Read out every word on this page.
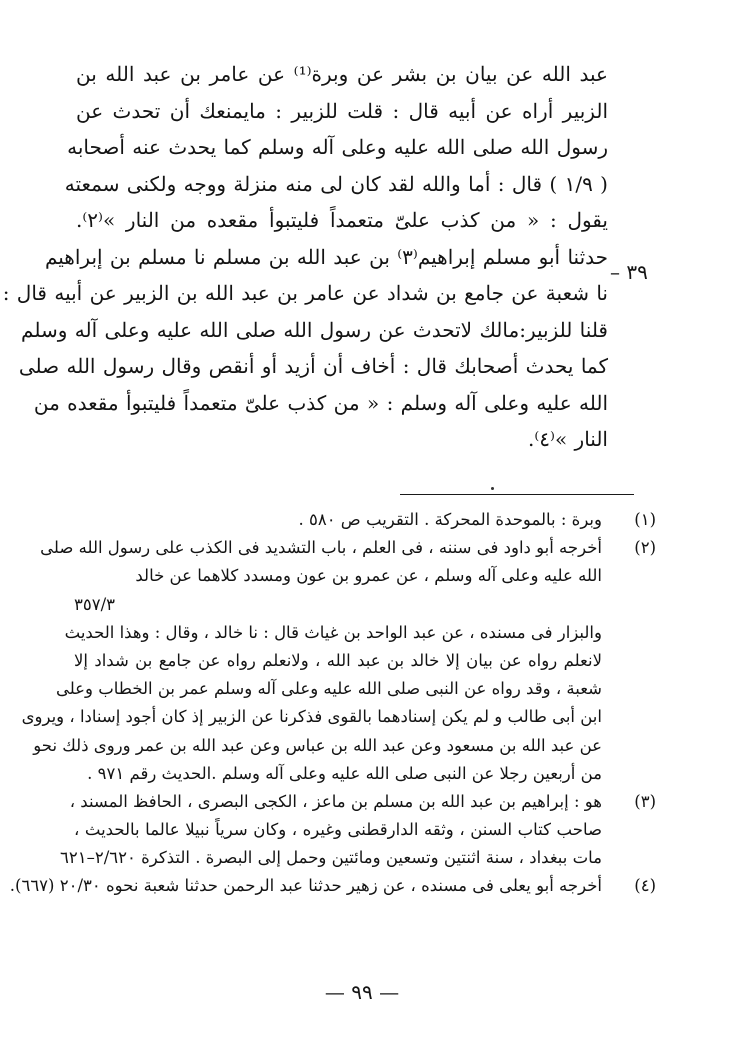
عبد الله عن بيان بن بشر عن وبرة⁽¹⁾ عن عامر بن عبد الله بن
الزبير أراه عن أبيه قال : قلت للزبير : مايمنعك أن تحدث عن
رسول الله صلى الله عليه وعلى آله وسلم كما يحدث عنه أصحابه
( ١/٩ ) قال : أما والله لقد كان لى منه منزلة ووجه ولكنى سمعته
يقول : « من كذب علىّ متعمداً فليتبوأ مقعده من النار »⁽٢⁾.
حدثنا أبو مسلم إبراهيم⁽٣⁾ بن عبد الله بن مسلم نا مسلم بن إبراهيم
نا شعبة عن جامع بن شداد عن عامر بن عبد الله بن الزبير عن أبيه قال :
قلنا للزبير:مالك لاتحدث عن رسول الله صلى الله عليه وعلى آله وسلم
كما يحدث أصحابك قال : أخاف أن أزيد أو أنقص وقال رسول الله صلى
الله عليه وعلى آله وسلم : « من كذب علىّ متعمداً فليتبوأ مقعده من
النار »⁽٤⁾.
٣٩ –
(١)
وبرة : بالموحدة المحركة . التقريب ص ٥٨٠ .
(٢)
أخرجه أبو داود فى سننه ، فى العلم ، باب التشديد فى الكذب على رسول الله صلى
الله عليه وعلى آله وسلم ، عن عمرو بن عون ومسدد كلاهما عن خالد
٣٥٧/٣
والبزار فى مسنده ، عن عبد الواحد بن غياث قال : نا خالد ، وقال : وهذا الحديث
لانعلم رواه عن بيان إلا خالد بن عبد الله ، ولانعلم رواه عن جامع بن شداد إلا
شعبة ، وقد رواه عن النبى صلى الله عليه وعلى آله وسلم عمر بن الخطاب وعلى
ابن أبى طالب و لم يكن إسنادهما بالقوى فذكرنا عن الزبير إذ كان أجود إسنادا ، ويروى
عن عبد الله بن مسعود وعن عبد الله بن عباس وعن عبد الله بن عمر وروى ذلك نحو
من أربعين رجلا عن النبى صلى الله عليه وعلى آله وسلم .الحديث رقم ٩٧١ .
(٣)
هو : إبراهيم بن عبد الله بن مسلم بن ماعز ، الكجى البصرى ، الحافظ المسند ،
صاحب كتاب السنن ، وثقه الدارقطنى وغيره ، وكان سرياً نبيلا عالما بالحديث ،
مات ببغداد ، سنة اثنتين وتسعين ومائتين وحمل إلى البصرة . التذكرة ٢/٦٢٠–٦٢١
(٤)
أخرجه أبو يعلى فى مسنده ، عن زهير حدثنا عبد الرحمن حدثنا شعبة نحوه ٢٠/٣٠ (٦٦٧).
— ٩٩ —
